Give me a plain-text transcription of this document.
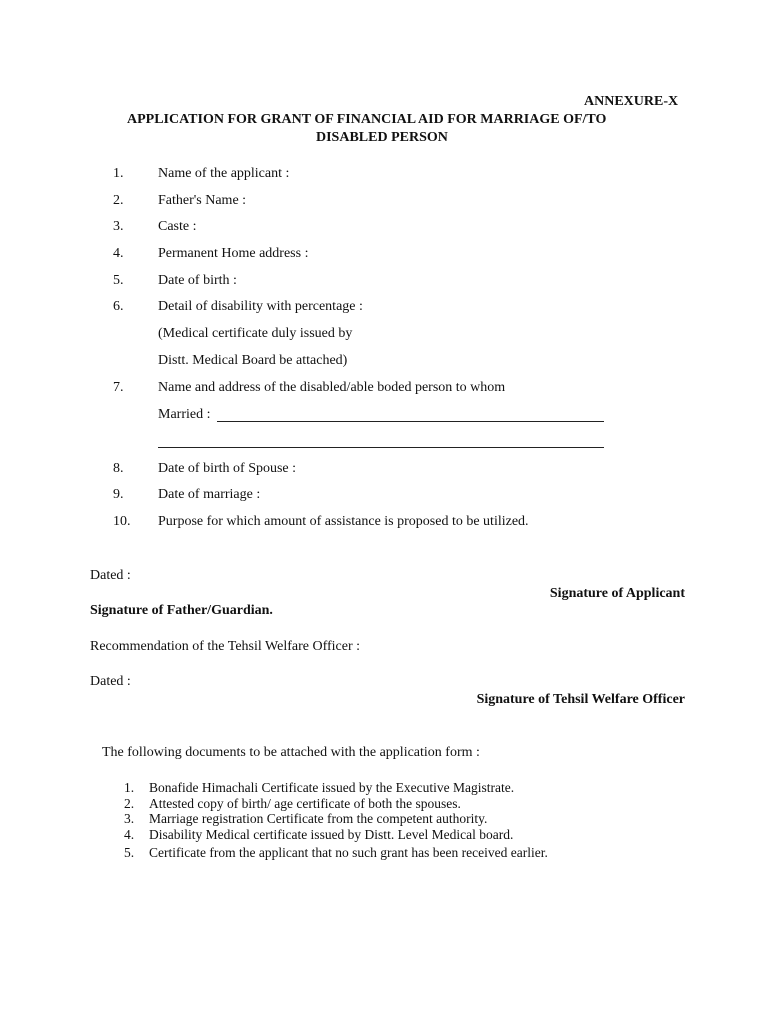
ANNEXURE-X
APPLICATION FOR GRANT OF FINANCIAL AID FOR MARRIAGE OF/TO
DISABLED PERSON
1. Name of the applicant :
2. Father's Name :
3. Caste :
4. Permanent Home address :
5. Date of birth :
6. Detail of disability with percentage :
(Medical certificate duly issued by
Distt. Medical Board be attached)
7. Name and address of the disabled/able boded person to whom
Married :
8. Date of birth of Spouse :
9. Date of marriage :
10. Purpose for which amount of assistance is proposed to be utilized.
Dated :
Signature of Applicant
Signature of Father/Guardian.
Recommendation of the Tehsil Welfare Officer :
Dated :
Signature of Tehsil Welfare Officer
The following documents to be attached with the application form :
1. Bonafide Himachali Certificate issued by the Executive Magistrate.
2. Attested copy of birth/ age certificate of both the spouses.
3. Marriage registration Certificate from the competent authority.
4. Disability Medical certificate issued by Distt. Level Medical board.
5. Certificate from the applicant that no such grant has been received earlier.
